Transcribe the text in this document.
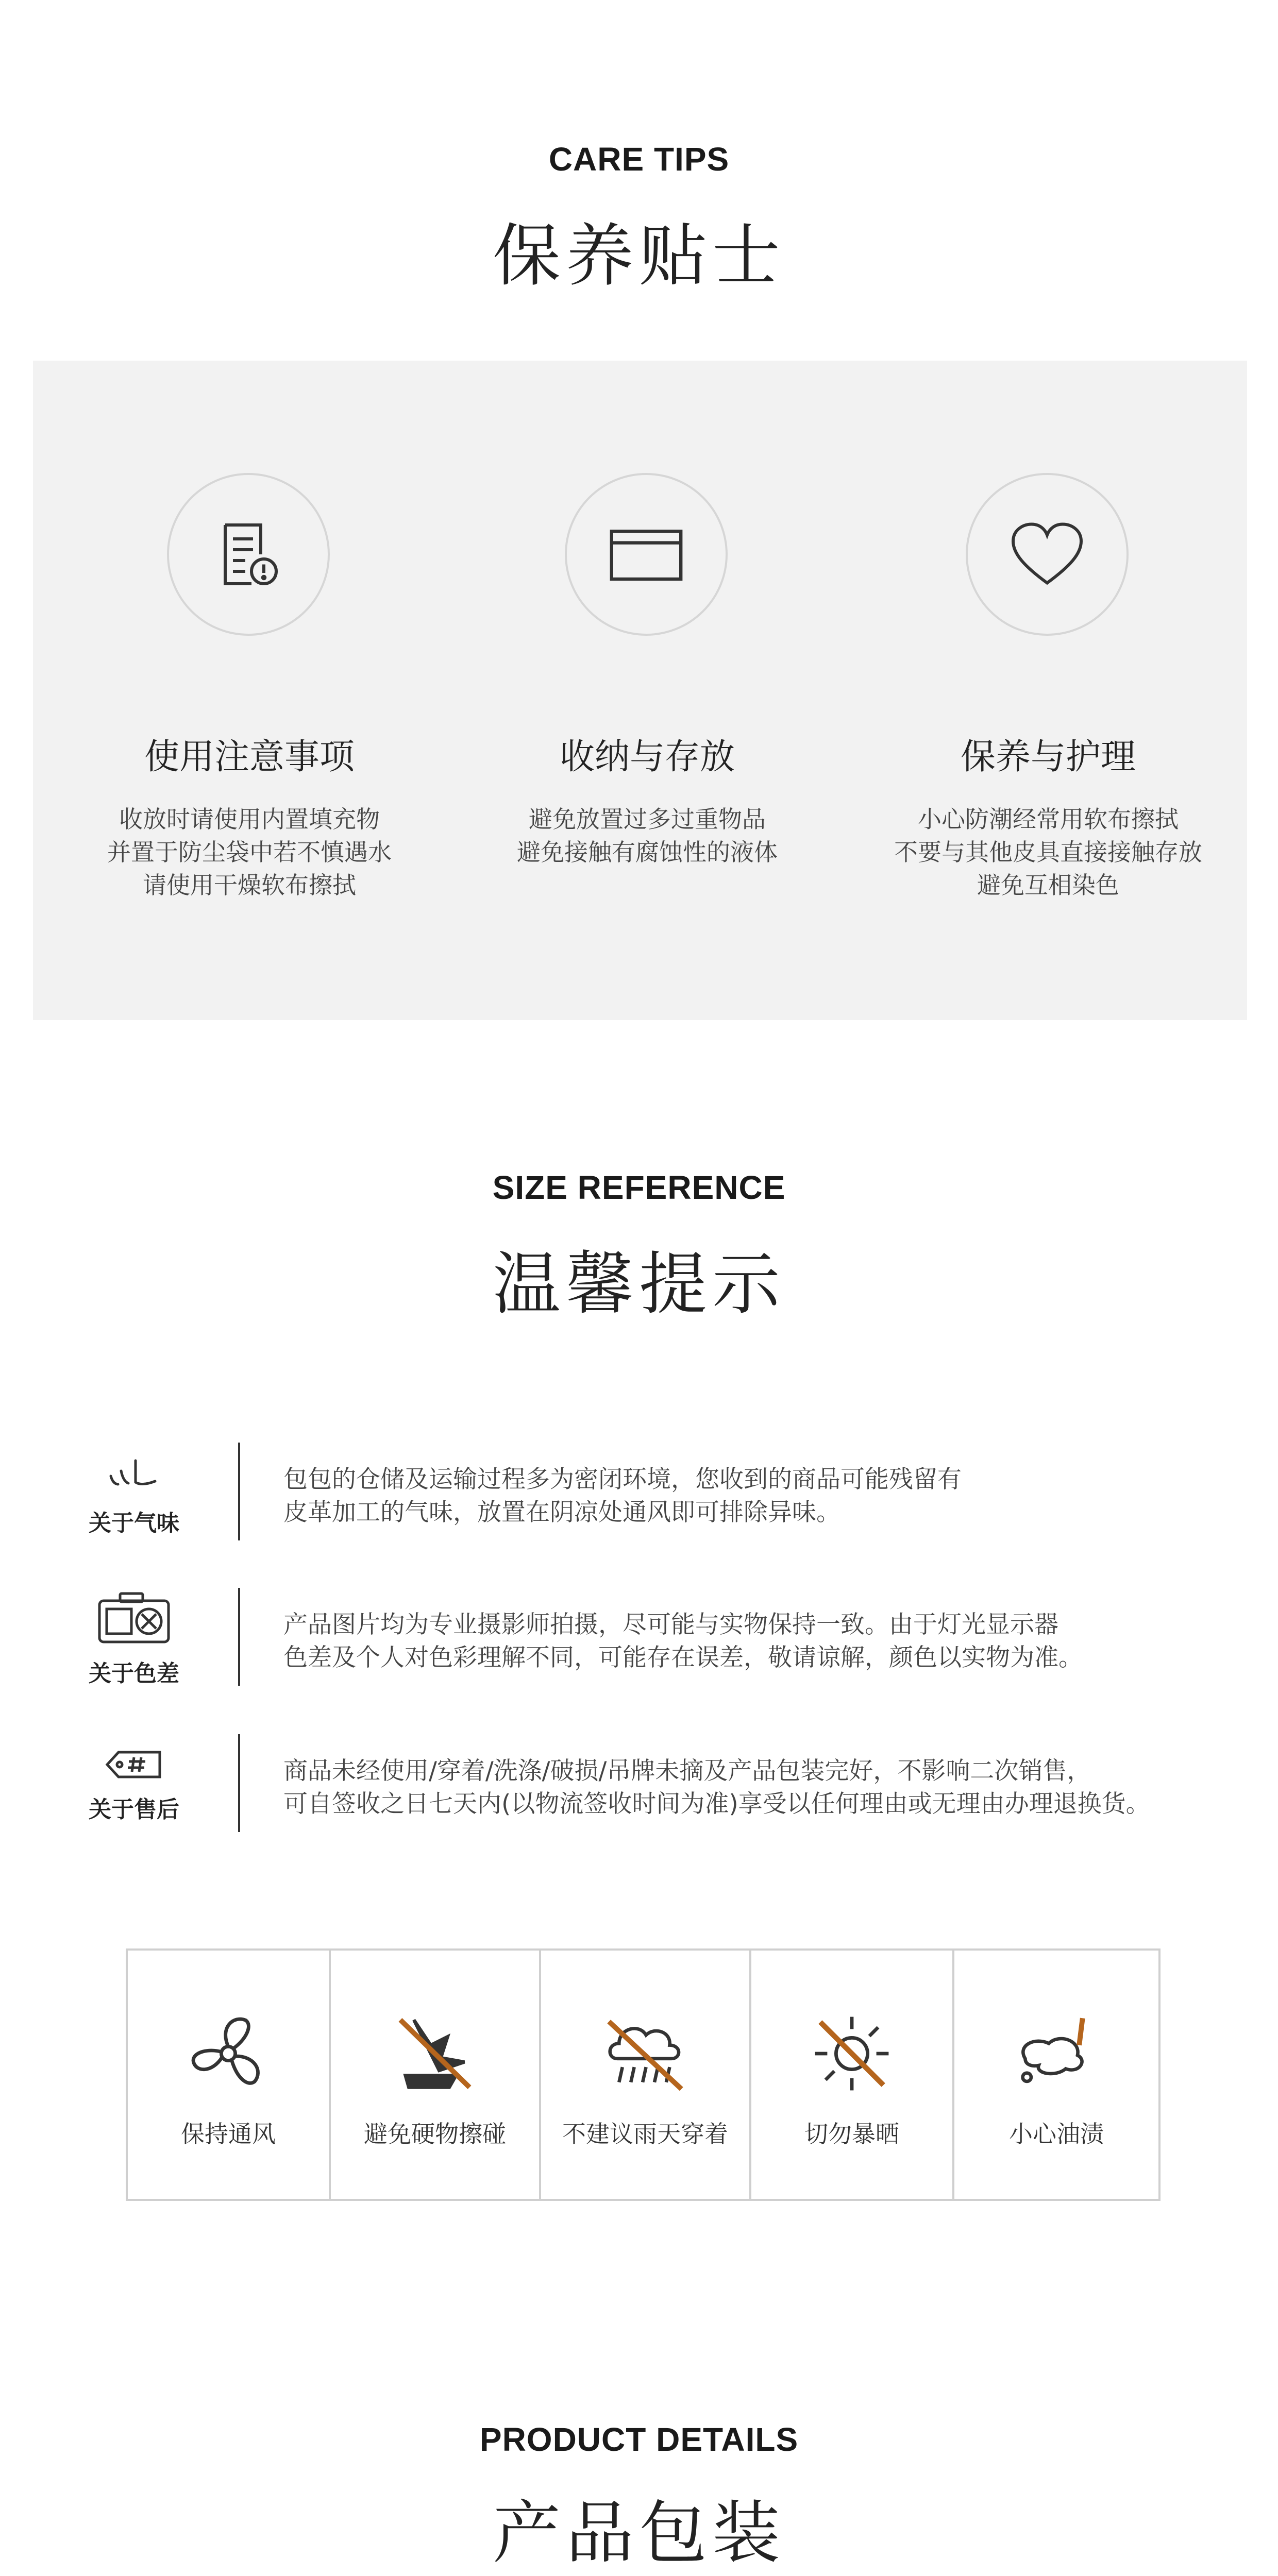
CARE TIPS
保养贴士
使用注意事项
收放时请使用内置填充物
并置于防尘袋中若不慎遇水
请使用干燥软布擦拭
收纳与存放
避免放置过多过重物品
避免接触有腐蚀性的液体
保养与护理
小心防潮经常用软布擦拭
不要与其他皮具直接接触存放
避免互相染色
SIZE REFERENCE
温馨提示
关于气味
包包的仓储及运输过程多为密闭环境，您收到的商品可能残留有
皮革加工的气味，放置在阴凉处通风即可排除异味。
关于色差
产品图片均为专业摄影师拍摄，尽可能与实物保持一致。由于灯光显示器
色差及个人对色彩理解不同，可能存在误差，敬请谅解，颜色以实物为准。
关于售后
商品未经使用/穿着/洗涤/破损/吊牌未摘及产品包装完好，不影响二次销售，
可自签收之日七天内(以物流签收时间为准)享受以任何理由或无理由办理退换货。
保持通风	避免硬物擦碰	不建议雨天穿着	切勿暴晒	小心油渍
PRODUCT DETAILS
产品包装
